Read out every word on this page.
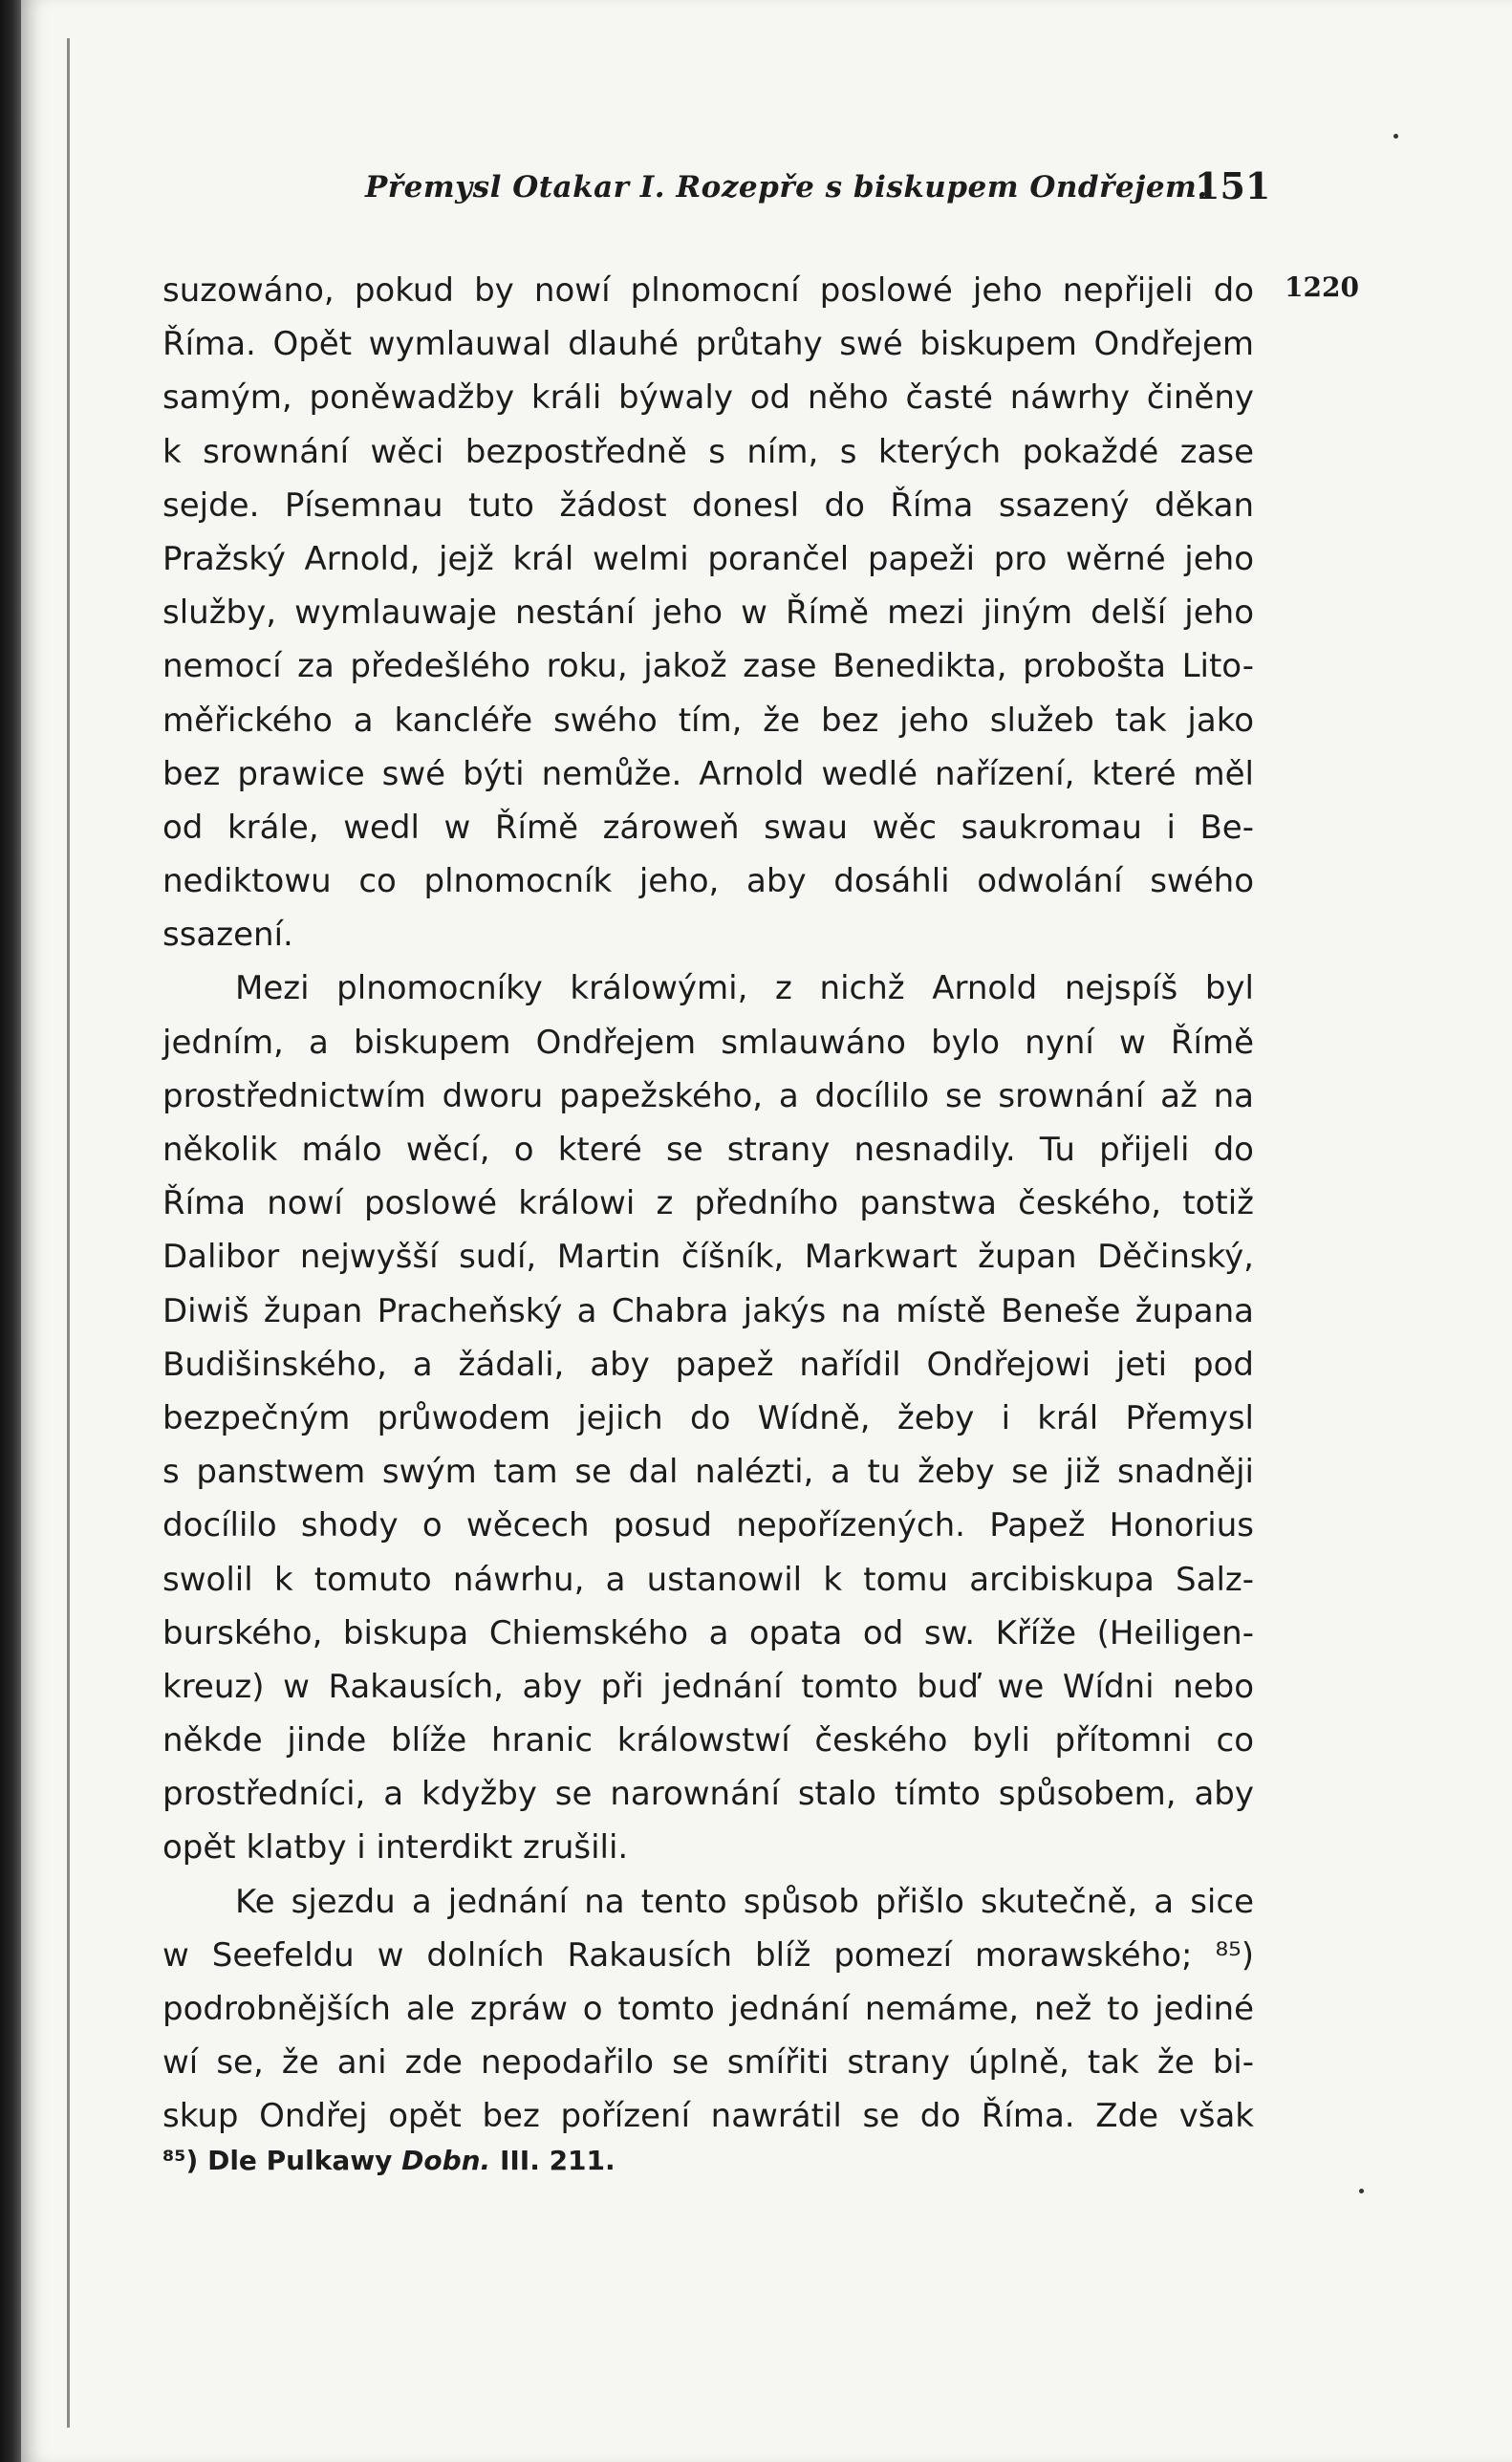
Přemysl Otakar I. Rozepře s biskupem Ondřejem.
151
1220
suzowáno, pokud by nowí plnomocní poslowé jeho nepřijeli do
Říma. Opět wymlauwal dlauhé průtahy swé biskupem Ondřejem
samým, poněwadžby králi býwaly od něho časté náwrhy činěny
k srownání wěci bezpostředně s ním, s kterých pokaždé zase
sejde. Písemnau tuto žádost donesl do Říma ssazený děkan
Pražský Arnold, jejž král welmi porančel papeži pro wěrné jeho
služby, wymlauwaje nestání jeho w Římě mezi jiným delší jeho
nemocí za předešlého roku, jakož zase Benedikta, probošta Lito-
měřického a kancléře swého tím, že bez jeho služeb tak jako
bez prawice swé býti nemůže. Arnold wedlé nařízení, které měl
od krále, wedl w Římě zároweň swau wěc saukromau i Be-
nediktowu co plnomocník jeho, aby dosáhli odwolání swého
ssazení.
Mezi plnomocníky králowými, z nichž Arnold nejspíš byl
jedním, a biskupem Ondřejem smlauwáno bylo nyní w Římě
prostřednictwím dworu papežského, a docílilo se srownání až na
několik málo wěcí, o které se strany nesnadily. Tu přijeli do
Říma nowí poslowé králowi z předního panstwa českého, totiž
Dalibor nejwyšší sudí, Martin číšník, Markwart župan Děčinský,
Diwiš župan Pracheňský a Chabra jakýs na místě Beneše župana
Budišinského, a žádali, aby papež nařídil Ondřejowi jeti pod
bezpečným průwodem jejich do Wídně, žeby i král Přemysl
s panstwem swým tam se dal nalézti, a tu žeby se již snadněji
docílilo shody o wěcech posud nepořízených. Papež Honorius
swolil k tomuto náwrhu, a ustanowil k tomu arcibiskupa Salz-
burského, biskupa Chiemského a opata od sw. Kříže (Heiligen-
kreuz) w Rakausích, aby při jednání tomto buď we Wídni nebo
někde jinde blíže hranic králowstwí českého byli přítomni co
prostředníci, a kdyžby se narownání stalo tímto spůsobem, aby
opět klatby i interdikt zrušili.
Ke sjezdu a jednání na tento spůsob přišlo skutečně, a sice
w Seefeldu w dolních Rakausích blíž pomezí morawského; ⁸⁵)
podrobnějších ale zpráw o tomto jednání nemáme, než to jediné
wí se, že ani zde nepodařilo se smířiti strany úplně, tak že bi-
skup Ondřej opět bez pořízení nawrátil se do Říma. Zde však
⁸⁵) Dle Pulkawy Dobn. III. 211.
